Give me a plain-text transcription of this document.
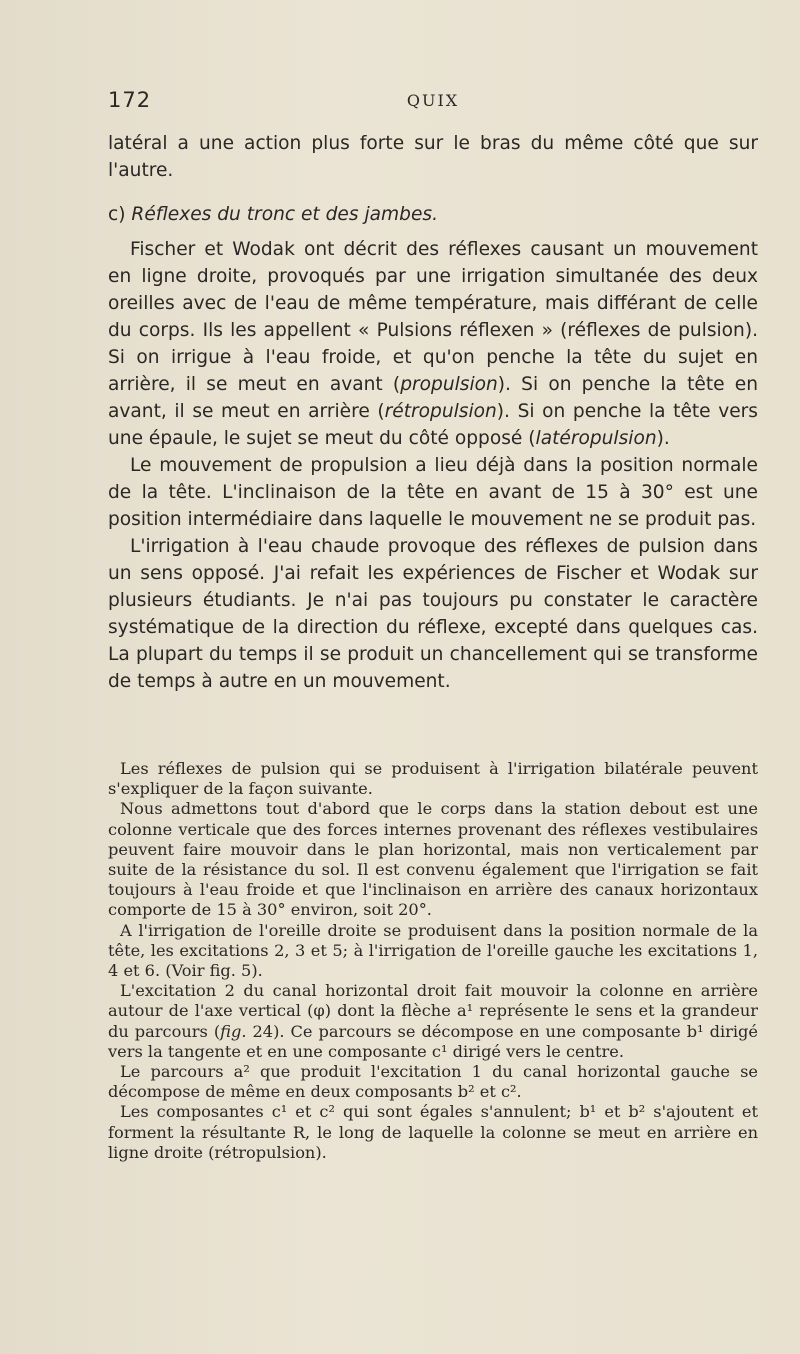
172	QUIX

latéral a une action plus forte sur le bras du même côté que sur l'autre.

c) Réflexes du tronc et des jambes.

Fischer et Wodak ont décrit des réflexes causant un mouvement en ligne droite, provoqués par une irrigation simultanée des deux oreilles avec de l'eau de même température, mais différant de celle du corps. Ils les appellent « Pulsions réflexen » (réflexes de pulsion). Si on irrigue à l'eau froide, et qu'on penche la tête du sujet en arrière, il se meut en avant (propulsion). Si on penche la tête en avant, il se meut en arrière (rétropulsion). Si on penche la tête vers une épaule, le sujet se meut du côté opposé (latéropulsion).

Le mouvement de propulsion a lieu déjà dans la position normale de la tête. L'inclinaison de la tête en avant de 15 à 30° est une position intermédiaire dans laquelle le mouvement ne se produit pas.

L'irrigation à l'eau chaude provoque des réflexes de pulsion dans un sens opposé. J'ai refait les expériences de Fischer et Wodak sur plusieurs étudiants. Je n'ai pas toujours pu constater le caractère systématique de la direction du réflexe, excepté dans quelques cas. La plupart du temps il se produit un chancellement qui se transforme de temps à autre en un mouvement.

Les réflexes de pulsion qui se produisent à l'irrigation bilatérale peuvent s'expliquer de la façon suivante.

Nous admettons tout d'abord que le corps dans la station debout est une colonne verticale que des forces internes provenant des réflexes vestibulaires peuvent faire mouvoir dans le plan horizontal, mais non verticalement par suite de la résistance du sol. Il est convenu également que l'irrigation se fait toujours à l'eau froide et que l'inclinaison en arrière des canaux horizontaux comporte de 15 à 30° environ, soit 20°.

A l'irrigation de l'oreille droite se produisent dans la position normale de la tête, les excitations 2, 3 et 5; à l'irrigation de l'oreille gauche les excitations 1, 4 et 6. (Voir fig. 5).

L'excitation 2 du canal horizontal droit fait mouvoir la colonne en arrière autour de l'axe vertical (φ) dont la flèche a¹ représente le sens et la grandeur du parcours (fig. 24). Ce parcours se décompose en une composante b¹ dirigé vers la tangente et en une composante c¹ dirigé vers le centre.

Le parcours a² que produit l'excitation 1 du canal horizontal gauche se décompose de même en deux composants b² et c².

Les composantes c¹ et c² qui sont égales s'annulent; b¹ et b² s'ajoutent et forment la résultante R, le long de laquelle la colonne se meut en arrière en ligne droite (rétropulsion).
